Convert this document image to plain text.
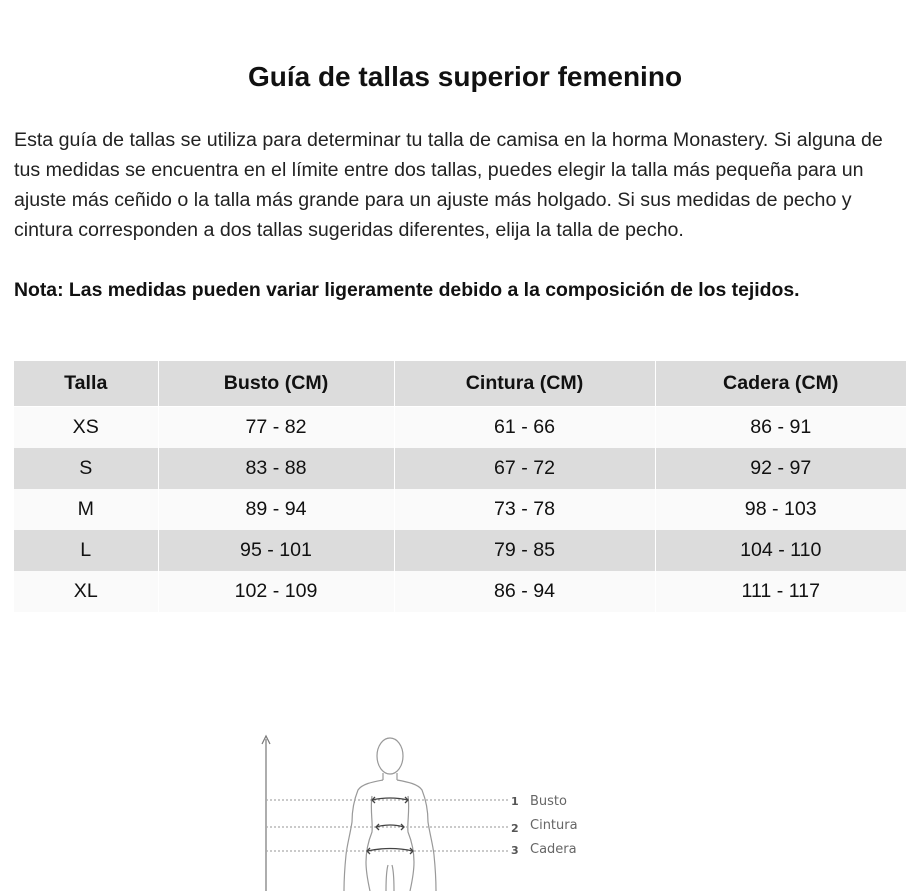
Guía de tallas superior femenino

Esta guía de tallas se utiliza para determinar tu talla de camisa en la horma Monastery. Si alguna de tus medidas se encuentra en el límite entre dos tallas, puedes elegir la talla más pequeña para un ajuste más ceñido o la talla más grande para un ajuste más holgado. Si sus medidas de pecho y cintura corresponden a dos tallas sugeridas diferentes, elija la talla de pecho.

Nota: Las medidas pueden variar ligeramente debido a la composición de los tejidos.

Talla	Busto (CM)	Cintura (CM)	Cadera (CM)
XS	77 - 82	61 - 66	86 - 91
S	83 - 88	67 - 72	92 - 97
M	89 - 94	73 - 78	98 - 103
L	95 - 101	79 - 85	104 - 110
XL	102 - 109	86 - 94	111 - 117
1 Busto
2 Cintura
3 Cadera
